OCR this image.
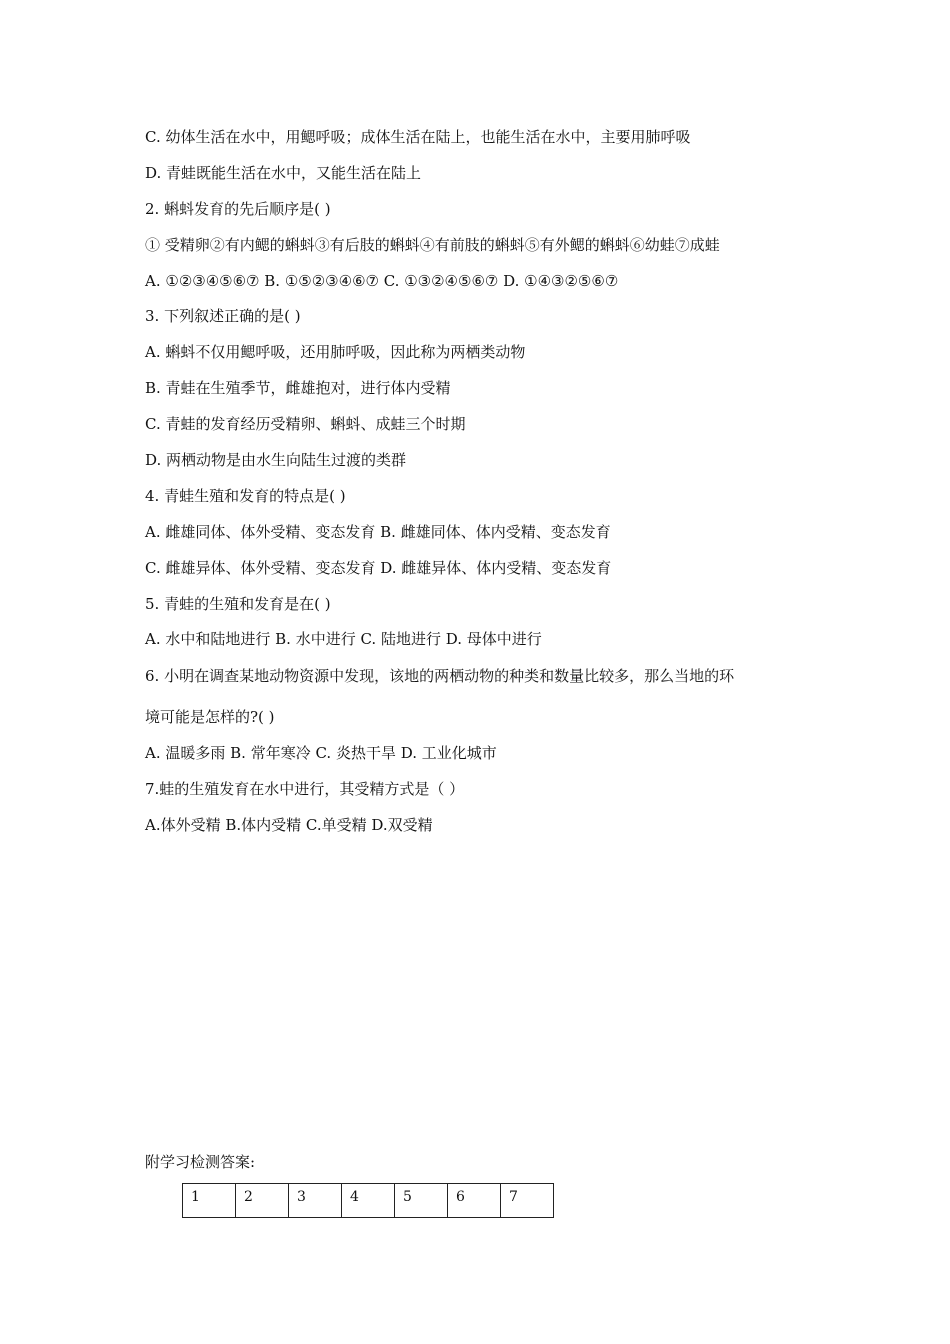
C. 幼体生活在水中，用鳃呼吸；成体生活在陆上，也能生活在水中，主要用肺呼吸
D. 青蛙既能生活在水中，又能生活在陆上
2. 蝌蚪发育的先后顺序是( )
① 受精卵②有内鳃的蝌蚪③有后肢的蝌蚪④有前肢的蝌蚪⑤有外鳃的蝌蚪⑥幼蛙⑦成蛙
A. ①②③④⑤⑥⑦ B. ①⑤②③④⑥⑦ C. ①③②④⑤⑥⑦ D. ①④③②⑤⑥⑦
3. 下列叙述正确的是( )
A. 蝌蚪不仅用鳃呼吸，还用肺呼吸，因此称为两栖类动物
B. 青蛙在生殖季节，雌雄抱对，进行体内受精
C. 青蛙的发育经历受精卵、蝌蚪、成蛙三个时期
D. 两栖动物是由水生向陆生过渡的类群
4. 青蛙生殖和发育的特点是( )
A. 雌雄同体、体外受精、变态发育 B. 雌雄同体、体内受精、变态发育
C. 雌雄异体、体外受精、变态发育 D. 雌雄异体、体内受精、变态发育
5. 青蛙的生殖和发育是在( )
A. 水中和陆地进行 B. 水中进行 C. 陆地进行 D. 母体中进行
6. 小明在调查某地动物资源中发现，该地的两栖动物的种类和数量比较多，那么当地的环
境可能是怎样的?( )
A. 温暖多雨 B. 常年寒冷 C. 炎热干旱 D. 工业化城市
7.蛙的生殖发育在水中进行，其受精方式是（ ）
A.体外受精 B.体内受精 C.单受精 D.双受精
附学习检测答案:
1	2	3	4	5	6	7
